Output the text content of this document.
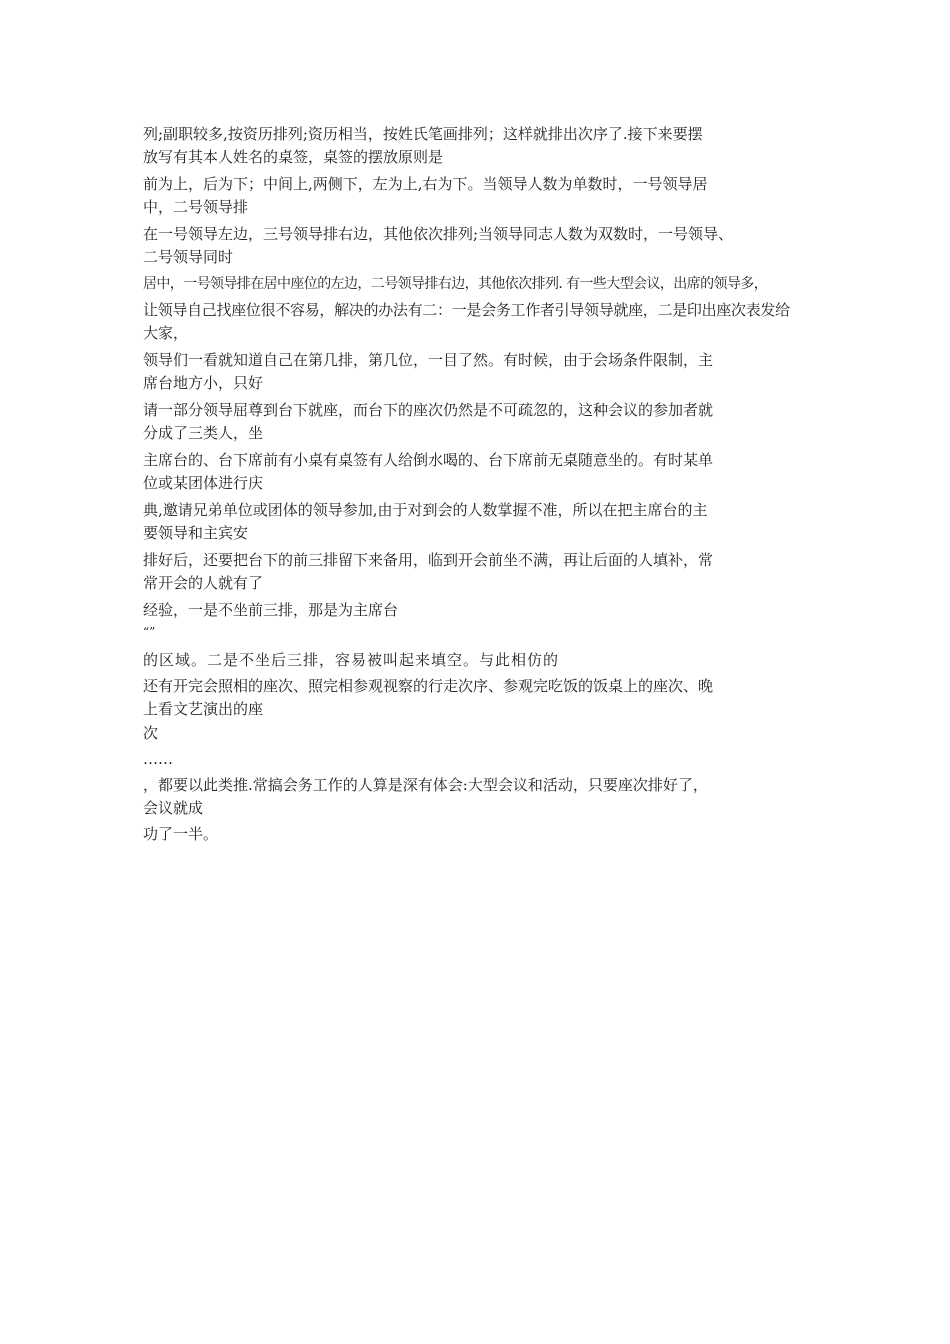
列;副职较多,按资历排列;资历相当，按姓氏笔画排列；这样就排出次序了.接下来要摆
放写有其本人姓名的桌签，桌签的摆放原则是
前为上，后为下；中间上,两侧下，左为上,右为下。当领导人数为单数时，一号领导居
中，二号领导排
在一号领导左边，三号领导排右边，其他依次排列;当领导同志人数为双数时，一号领导、
二号领导同时
居中，一号领导排在居中座位的左边，二号领导排右边，其他依次排列. 有一些大型会议，出席的领导多，
让领导自己找座位很不容易，解决的办法有二：一是会务工作者引导领导就座，二是印出座次表发给
大家，
领导们一看就知道自己在第几排，第几位，一目了然。有时候，由于会场条件限制，主
席台地方小，只好
请一部分领导屈尊到台下就座，而台下的座次仍然是不可疏忽的，这种会议的参加者就
分成了三类人，坐
主席台的、台下席前有小桌有桌签有人给倒水喝的、台下席前无桌随意坐的。有时某单
位或某团体进行庆
典,邀请兄弟单位或团体的领导参加,由于对到会的人数掌握不准，所以在把主席台的主
要领导和主宾安
排好后，还要把台下的前三排留下来备用，临到开会前坐不满，再让后面的人填补，常
常开会的人就有了
经验，一是不坐前三排，那是为主席台
“”
的区域。二是不坐后三排，容易被叫起来填空。与此相仿的
还有开完会照相的座次、照完相参观视察的行走次序、参观完吃饭的饭桌上的座次、晚
上看文艺演出的座
次
……
，都要以此类推.常搞会务工作的人算是深有体会:大型会议和活动，只要座次排好了，
会议就成
功了一半。
